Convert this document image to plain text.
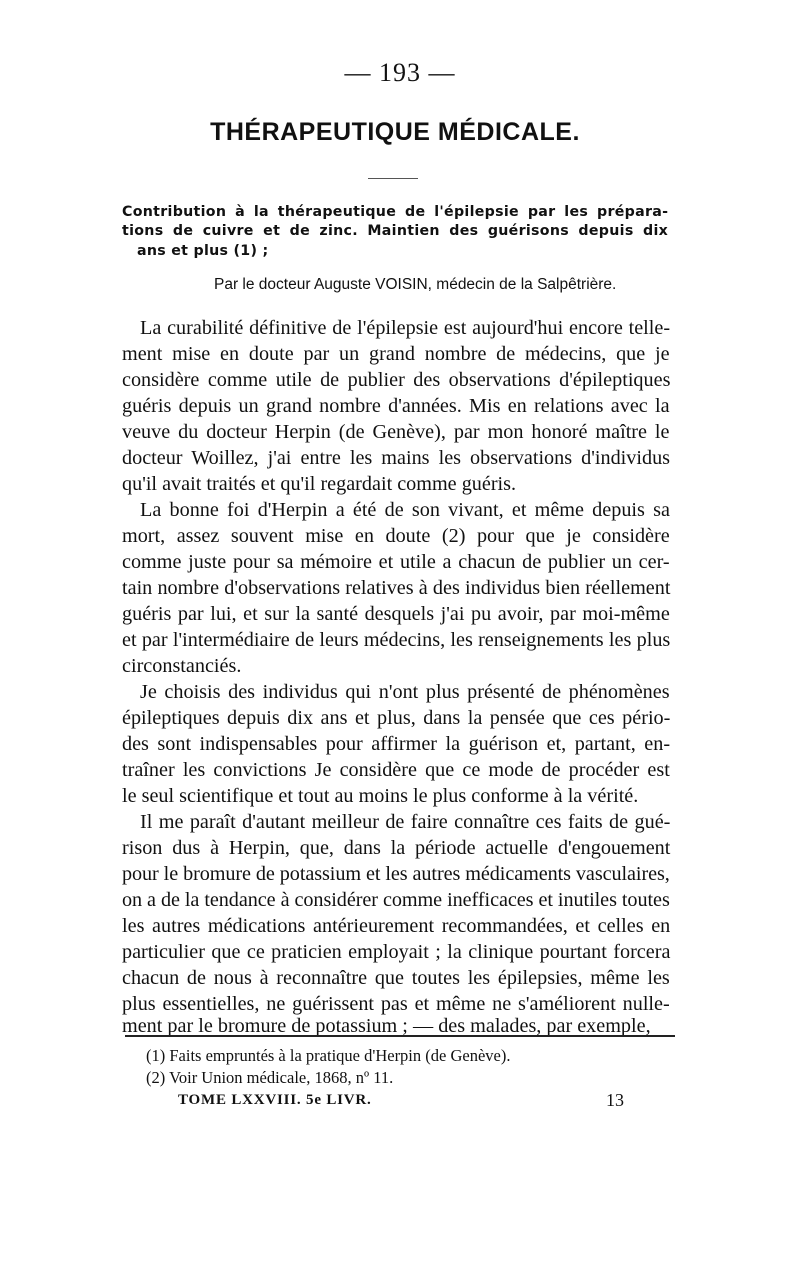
— 193 —
THÉRAPEUTIQUE MÉDICALE.
Contribution à la thérapeutique de l'épilepsie par les prépara-
tions de cuivre et de zinc. Maintien des guérisons depuis dix
ans et plus (1) ;
Par le docteur Auguste VOISIN, médecin de la Salpêtrière.
La curabilité définitive de l'épilepsie est aujourd'hui encore telle-
ment mise en doute par un grand nombre de médecins, que je
considère comme utile de publier des observations d'épileptiques
guéris depuis un grand nombre d'années. Mis en relations avec la
veuve du docteur Herpin (de Genève), par mon honoré maître le
docteur Woillez, j'ai entre les mains les observations d'individus
qu'il avait traités et qu'il regardait comme guéris.
La bonne foi d'Herpin a été de son vivant, et même depuis sa
mort, assez souvent mise en doute (2) pour que je considère
comme juste pour sa mémoire et utile a chacun de publier un cer-
tain nombre d'observations relatives à des individus bien réellement
guéris par lui, et sur la santé desquels j'ai pu avoir, par moi-même
et par l'intermédiaire de leurs médecins, les renseignements les plus
circonstanciés.
Je choisis des individus qui n'ont plus présenté de phénomènes
épileptiques depuis dix ans et plus, dans la pensée que ces pério-
des sont indispensables pour affirmer la guérison et, partant, en-
traîner les convictions Je considère que ce mode de procéder est
le seul scientifique et tout au moins le plus conforme à la vérité.
Il me paraît d'autant meilleur de faire connaître ces faits de gué-
rison dus à Herpin, que, dans la période actuelle d'engouement
pour le bromure de potassium et les autres médicaments vasculaires,
on a de la tendance à considérer comme inefficaces et inutiles toutes
les autres médications antérieurement recommandées, et celles en
particulier que ce praticien employait ; la clinique pourtant forcera
chacun de nous à reconnaître que toutes les épilepsies, même les
plus essentielles, ne guérissent pas et même ne s'améliorent nulle-
ment par le bromure de potassium ; — des malades, par exemple,
(1) Faits empruntés à la pratique d'Herpin (de Genève).
(2) Voir Union médicale, 1868, nº 11.
TOME LXXVIII. 5e LIVR.	13
